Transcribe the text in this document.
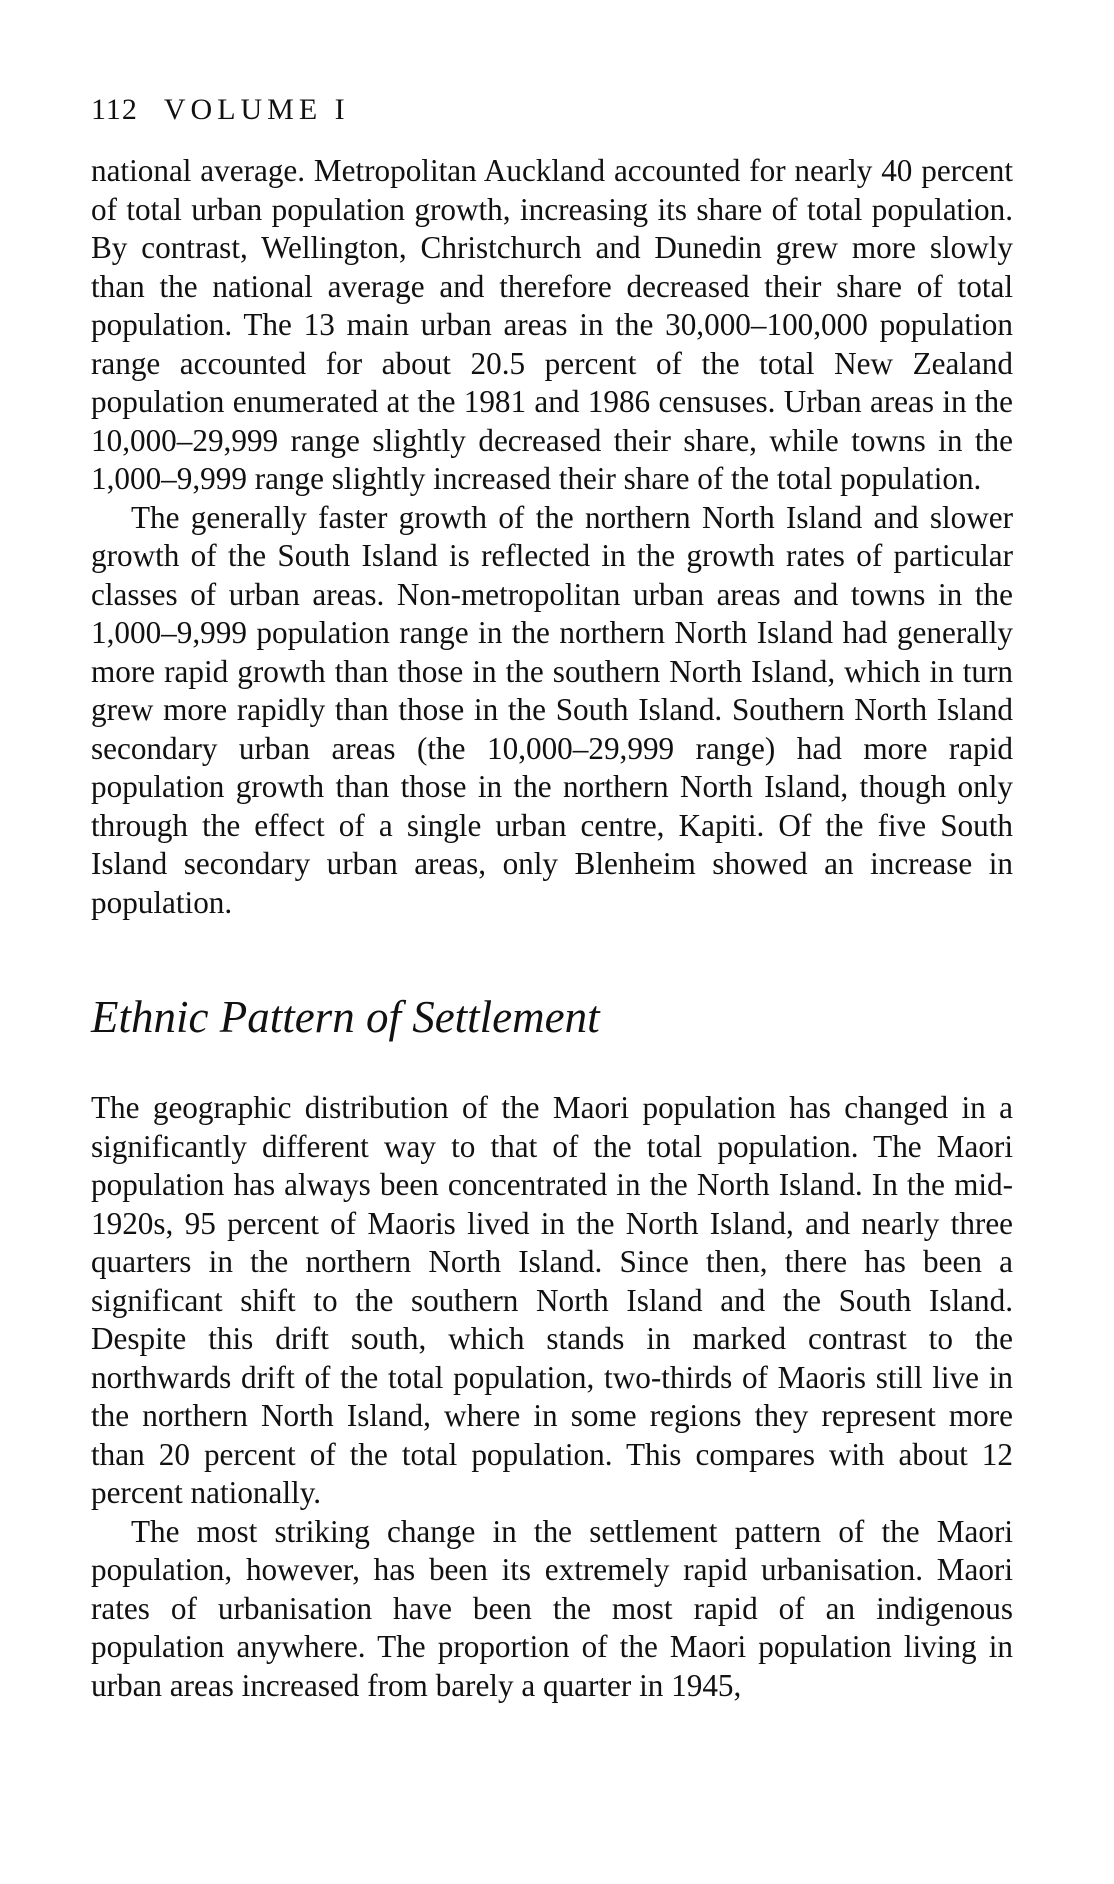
112 VOLUME I

national average. Metropolitan Auckland accounted for nearly 40 percent of total urban population growth, increasing its share of total population. By contrast, Wellington, Christchurch and Dunedin grew more slowly than the national average and therefore decreased their share of total population. The 13 main urban areas in the 30,000–100,000 population range accounted for about 20.5 percent of the total New Zealand population enumerated at the 1981 and 1986 censuses. Urban areas in the 10,000–29,999 range slightly decreased their share, while towns in the 1,000–9,999 range slightly increased their share of the total population.

The generally faster growth of the northern North Island and slower growth of the South Island is reflected in the growth rates of particular classes of urban areas. Non-metropolitan urban areas and towns in the 1,000–9,999 population range in the northern North Island had generally more rapid growth than those in the southern North Island, which in turn grew more rapidly than those in the South Island. Southern North Island secondary urban areas (the 10,000–29,999 range) had more rapid population growth than those in the northern North Island, though only through the effect of a single urban centre, Kapiti. Of the five South Island secondary urban areas, only Blenheim showed an increase in population.

Ethnic Pattern of Settlement

The geographic distribution of the Maori population has changed in a significantly different way to that of the total population. The Maori population has always been concentrated in the North Island. In the mid-1920s, 95 percent of Maoris lived in the North Island, and nearly three quarters in the northern North Island. Since then, there has been a significant shift to the southern North Island and the South Island. Despite this drift south, which stands in marked contrast to the northwards drift of the total population, two-thirds of Maoris still live in the northern North Island, where in some regions they represent more than 20 percent of the total population. This compares with about 12 percent nationally.

The most striking change in the settlement pattern of the Maori population, however, has been its extremely rapid urbanisation. Maori rates of urbanisation have been the most rapid of an indigenous population anywhere. The proportion of the Maori population living in urban areas increased from barely a quarter in 1945,
